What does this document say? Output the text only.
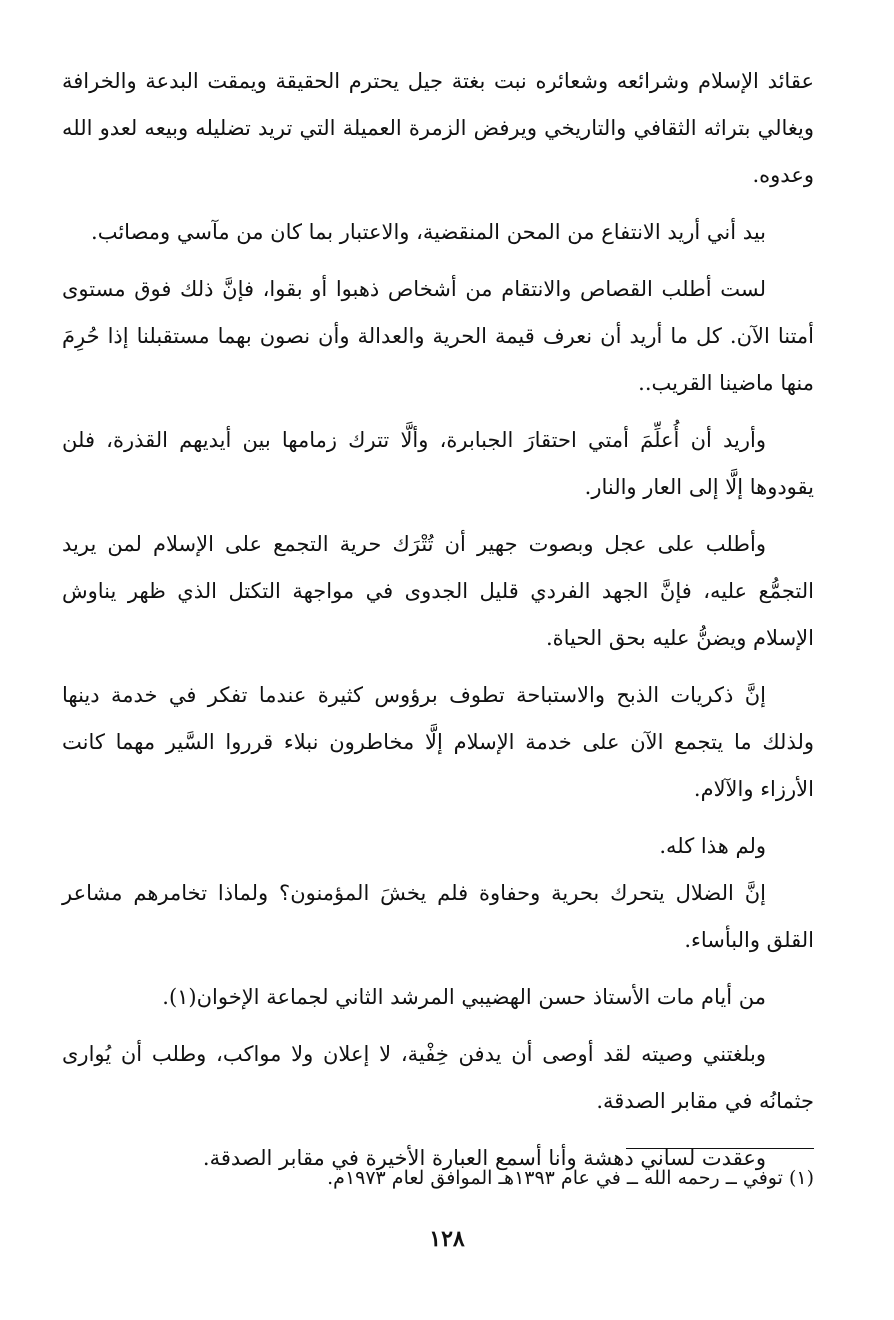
عقائد الإسلام وشرائعه وشعائره نبت بغتة جيل يحترم الحقيقة ويمقت البدعة والخرافة ويغالي بتراثه الثقافي والتاريخي ويرفض الزمرة العميلة التي تريد تضليله وبيعه لعدو الله وعدوه.

بيد أني أريد الانتفاع من المحن المنقضية، والاعتبار بما كان من مآسي ومصائب.

لست أطلب القصاص والانتقام من أشخاص ذهبوا أو بقوا، فإنَّ ذلك فوق مستوى أمتنا الآن. كل ما أريد أن نعرف قيمة الحرية والعدالة وأن نصون بهما مستقبلنا إذا حُرِمَ منها ماضينا القريب..

وأريد أن أُعلِّمَ أمتي احتقارَ الجبابرة، وألَّا تترك زمامها بين أيديهم القذرة، فلن يقودوها إلَّا إلى العار والنار.

وأطلب على عجل وبصوت جهير أن تُتْرَك حرية التجمع على الإسلام لمن يريد التجمُّع عليه، فإنَّ الجهد الفردي قليل الجدوى في مواجهة التكتل الذي ظهر يناوش الإسلام ويضنُّ عليه بحق الحياة.

إنَّ ذكريات الذبح والاستباحة تطوف برؤوس كثيرة عندما تفكر في خدمة دينها ولذلك ما يتجمع الآن على خدمة الإسلام إلَّا مخاطرون نبلاء قرروا السَّير مهما كانت الأرزاء والآلام.

ولم هذا كله.

إنَّ الضلال يتحرك بحرية وحفاوة فلم يخشَ المؤمنون؟ ولماذا تخامرهم مشاعر القلق والبأساء.

من أيام مات الأستاذ حسن الهضيبي المرشد الثاني لجماعة الإخوان(١).

وبلغتني وصيته لقد أوصى أن يدفن خِفْية، لا إعلان ولا مواكب، وطلب أن يُوارى جثمانُه في مقابر الصدقة.

وعقدت لساني دهشة وأنا أسمع العبارة الأخيرة في مقابر الصدقة.

(١) توفي ــ رحمه الله ــ في عام ١٣٩٣هـ الموافق لعام ١٩٧٣م.
١٢٨
